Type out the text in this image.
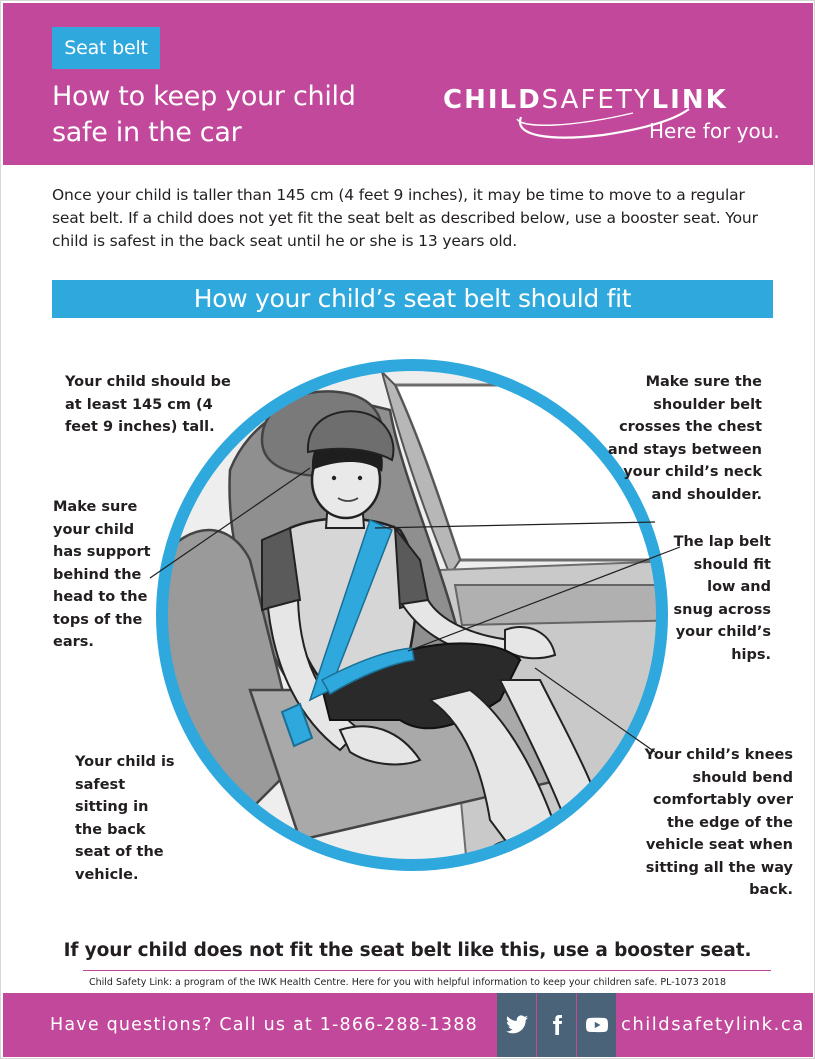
Seat belt
How to keep your child safe in the car
CHILDSAFETYLINK
Here for you.

Once your child is taller than 145 cm (4 feet 9 inches), it may be time to move to a regular seat belt. If a child does not yet fit the seat belt as described below, use a booster seat. Your child is safest in the back seat until he or she is 13 years old.

How your child’s seat belt should fit

Your child should be at least 145 cm (4 feet 9 inches) tall.

Make sure your child has support behind the head to the tops of the ears.

Your child is safest sitting in the back seat of the vehicle.

Make sure the shoulder belt crosses the chest and stays between your child’s neck and shoulder.

The lap belt should fit low and snug across your child’s hips.

Your child’s knees should bend comfortably over the edge of the vehicle seat when sitting all the way back.

If your child does not fit the seat belt like this, use a booster seat.
Child Safety Link: a program of the IWK Health Centre. Here for you with helpful information to keep your children safe. PL-1073 2018
Have questions? Call us at 1-866-288-1388	childsafetylink.ca
